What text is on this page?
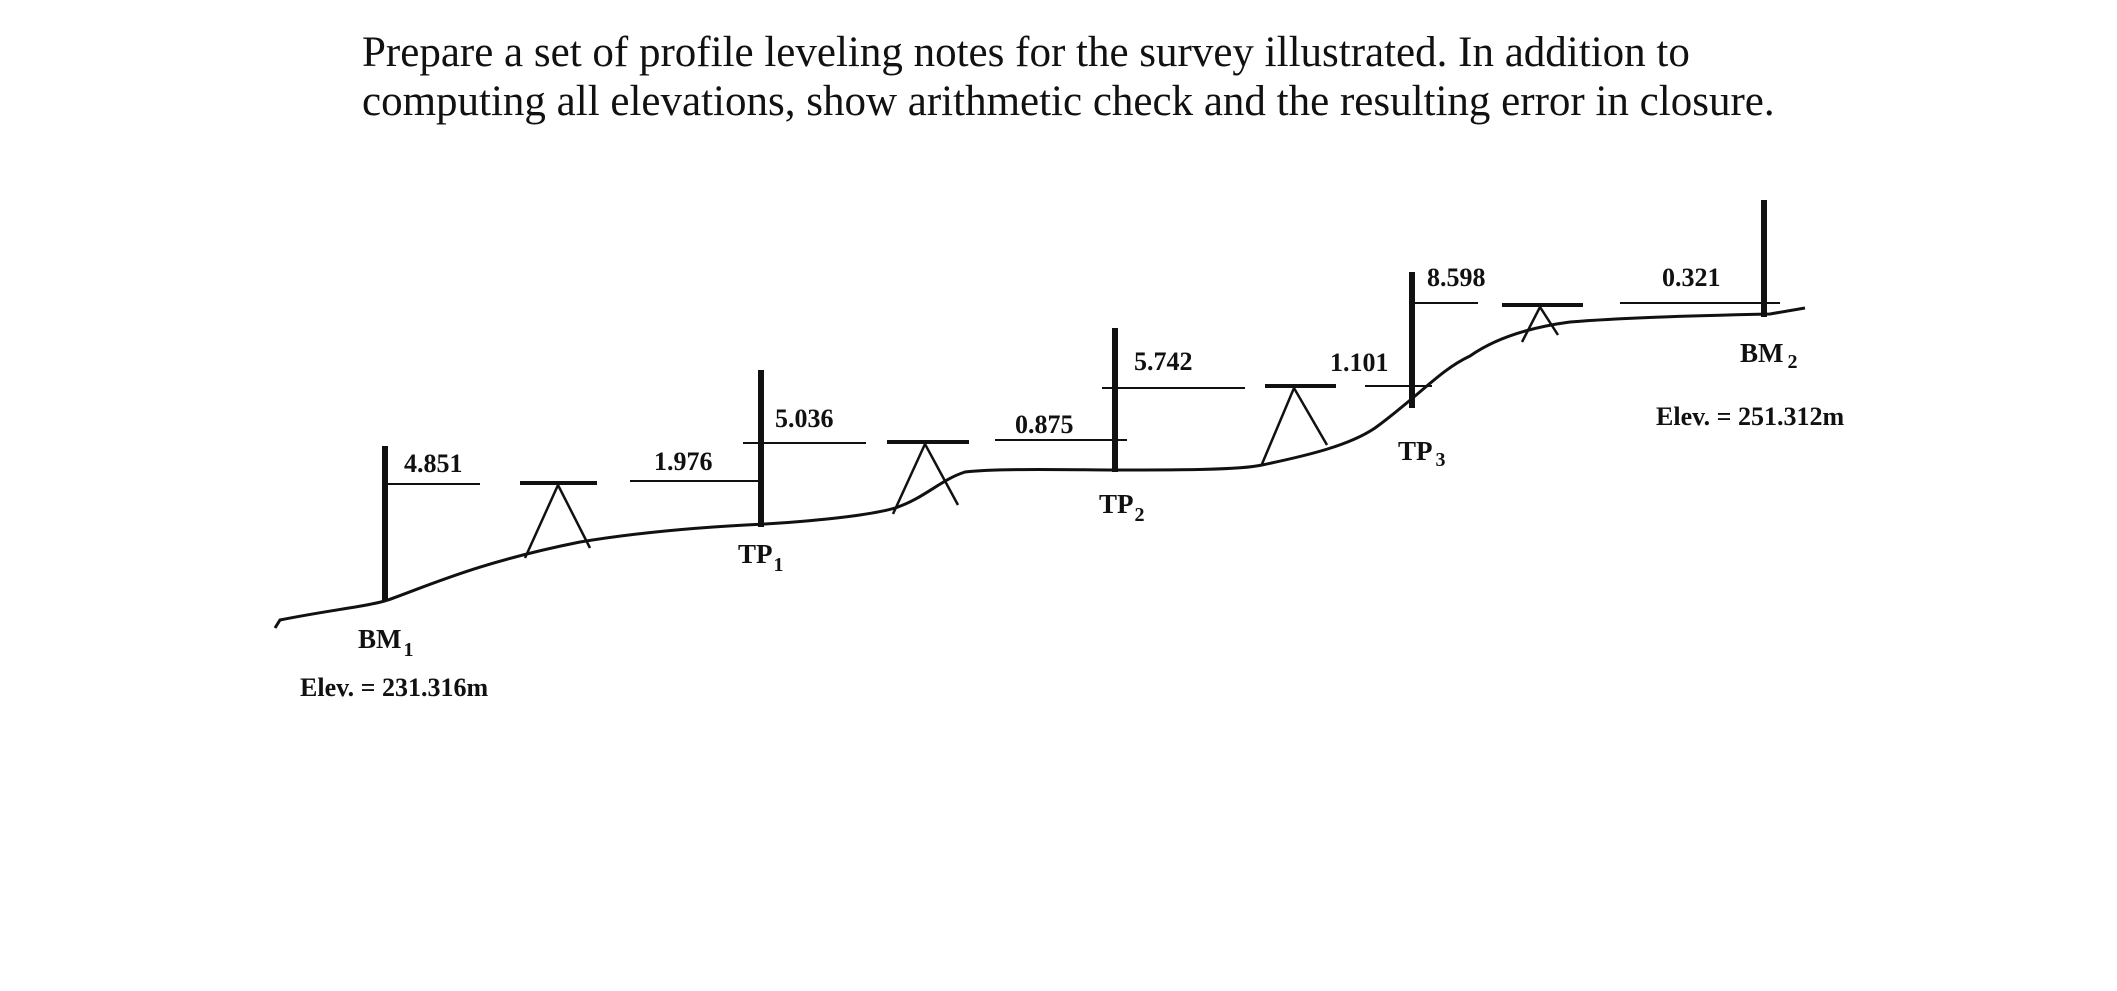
Prepare a set of profile leveling notes for the survey illustrated. In addition to computing all elevations, show arithmetic check and the resulting error in closure.

4.851	1.976
5.036	0.875
5.742	1.101
8.598	0.321
BM $_1$
Elev. = 231.316m
$TP_1$
$TP_2$
TP $_3$
BM $_2$
Elev. = 251.312m
